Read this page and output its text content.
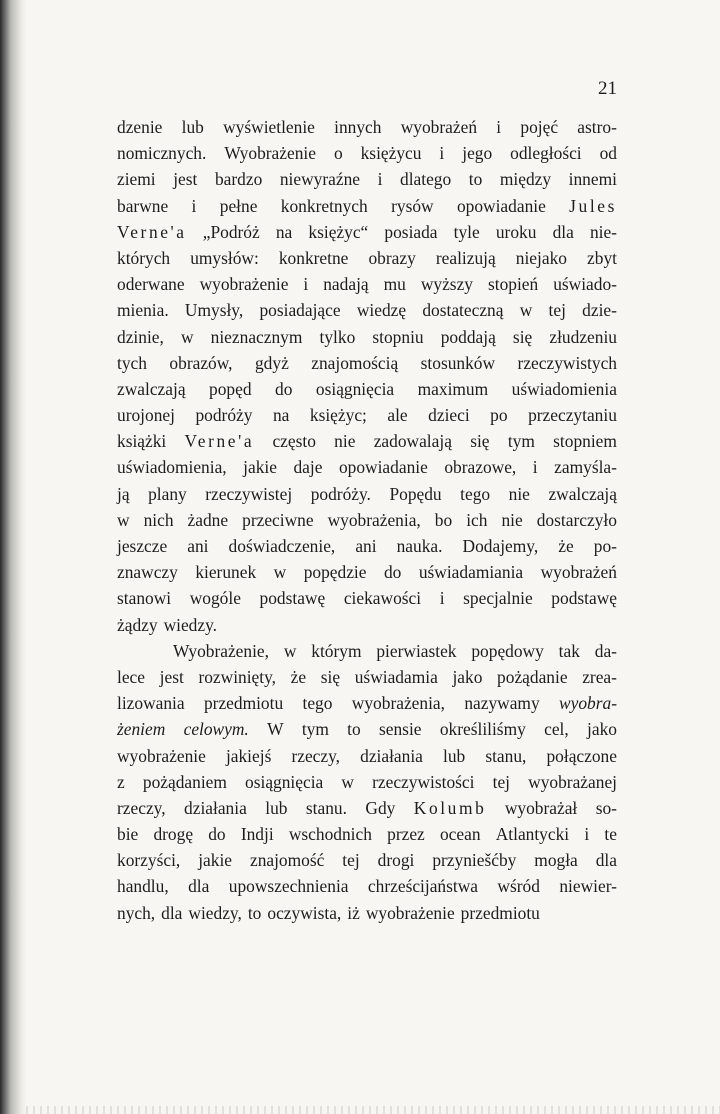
21
dzenie lub wyświetlenie innych wyobrażeń i pojęć astro-
nomicznych. Wyobrażenie o księżycu i jego odległości od
ziemi jest bardzo niewyraźne i dlatego to między innemi
barwne i pełne konkretnych rysów opowiadanie Jules
Verne'a „Podróż na księżyc“ posiada tyle uroku dla nie-
których umysłów: konkretne obrazy realizują niejako zbyt
oderwane wyobrażenie i nadają mu wyższy stopień uświado-
mienia. Umysły, posiadające wiedzę dostateczną w tej dzie-
dzinie, w nieznacznym tylko stopniu poddają się złudzeniu
tych obrazów, gdyż znajomością stosunków rzeczywistych
zwalczają popęd do osiągnięcia maximum uświadomienia
urojonej podróży na księżyc; ale dzieci po przeczytaniu
książki Verne'a często nie zadowalają się tym stopniem
uświadomienia, jakie daje opowiadanie obrazowe, i zamyśla-
ją plany rzeczywistej podróży. Popędu tego nie zwalczają
w nich żadne przeciwne wyobrażenia, bo ich nie dostarczyło
jeszcze ani doświadczenie, ani nauka. Dodajemy, że po-
znawczy kierunek w popędzie do uświadamiania wyobrażeń
stanowi wogóle podstawę ciekawości i specjalnie podstawę
żądzy wiedzy.
Wyobrażenie, w którym pierwiastek popędowy tak da-
lece jest rozwinięty, że się uświadamia jako pożądanie zrea-
lizowania przedmiotu tego wyobrażenia, nazywamy wyobra-
żeniem celowym. W tym to sensie określiliśmy cel, jako
wyobrażenie jakiejś rzeczy, działania lub stanu, połączone
z pożądaniem osiągnięcia w rzeczywistości tej wyobrażanej
rzeczy, działania lub stanu. Gdy Kolumb wyobrażał so-
bie drogę do Indji wschodnich przez ocean Atlantycki i te
korzyści, jakie znajomość tej drogi przyniešćby mogła dla
handlu, dla upowszechnienia chrześcijaństwa wśród niewier-
nych, dla wiedzy, to oczywista, iż wyobrażenie przedmiotu
